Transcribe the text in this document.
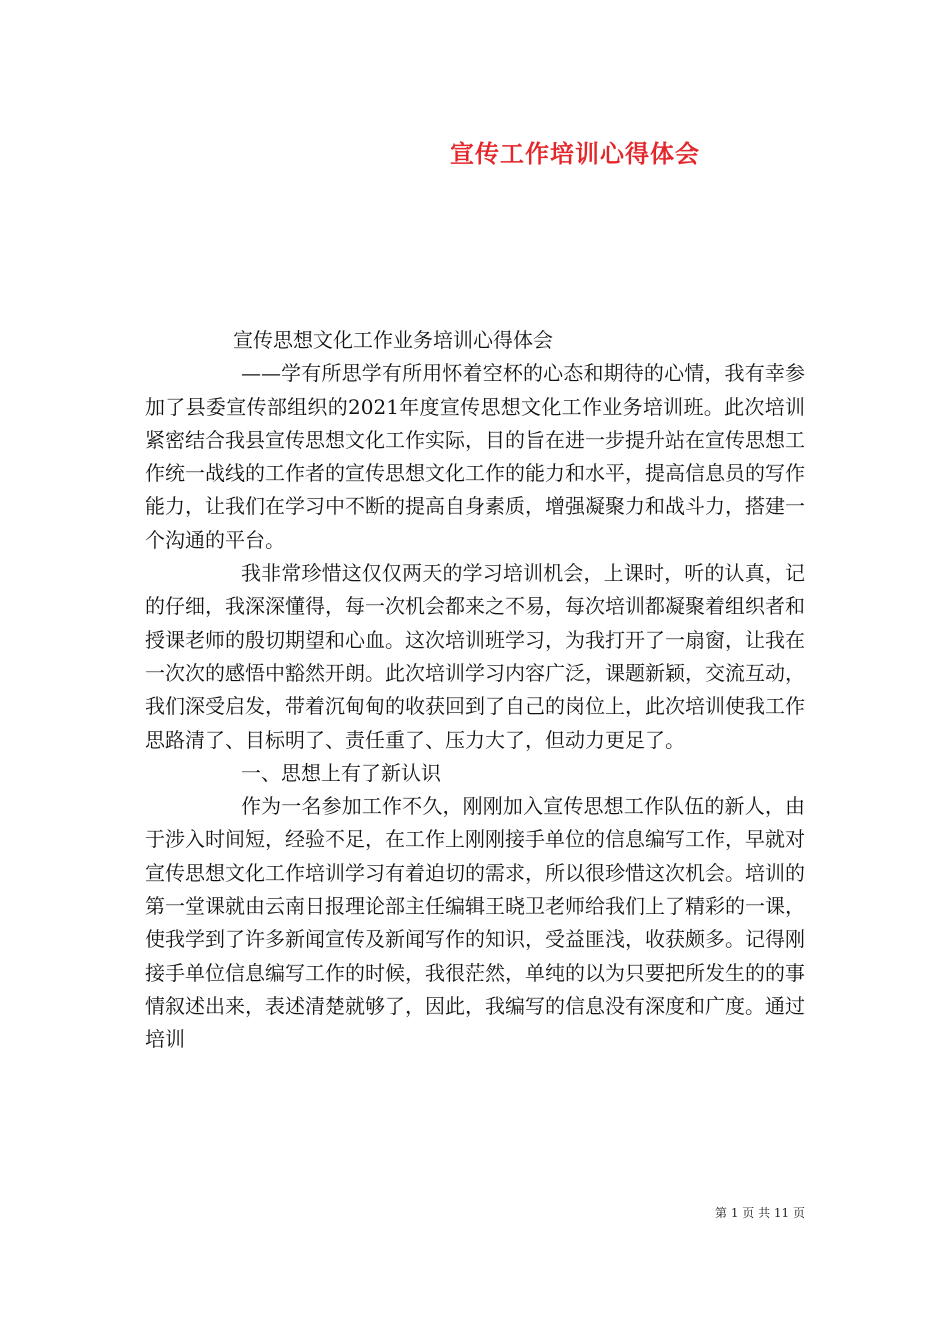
宣传工作培训心得体会

宣传思想文化工作业务培训心得体会

——学有所思学有所用怀着空杯的心态和期待的心情，我有幸参加了县委宣传部组织的2021年度宣传思想文化工作业务培训班。此次培训紧密结合我县宣传思想文化工作实际，目的旨在进一步提升站在宣传思想工作统一战线的工作者的宣传思想文化工作的能力和水平，提高信息员的写作能力，让我们在学习中不断的提高自身素质，增强凝聚力和战斗力，搭建一个沟通的平台。

我非常珍惜这仅仅两天的学习培训机会，上课时，听的认真，记的仔细，我深深懂得，每一次机会都来之不易，每次培训都凝聚着组织者和授课老师的殷切期望和心血。这次培训班学习，为我打开了一扇窗，让我在一次次的感悟中豁然开朗。此次培训学习内容广泛，课题新颖，交流互动，我们深受启发，带着沉甸甸的收获回到了自己的岗位上，此次培训使我工作思路清了、目标明了、责任重了、压力大了，但动力更足了。

一、思想上有了新认识

作为一名参加工作不久，刚刚加入宣传思想工作队伍的新人，由于涉入时间短，经验不足，在工作上刚刚接手单位的信息编写工作，早就对宣传思想文化工作培训学习有着迫切的需求，所以很珍惜这次机会。培训的第一堂课就由云南日报理论部主任编辑王晓卫老师给我们上了精彩的一课，使我学到了许多新闻宣传及新闻写作的知识，受益匪浅，收获颇多。记得刚接手单位信息编写工作的时候，我很茫然，单纯的以为只要把所发生的的事情叙述出来，表述清楚就够了，因此，我编写的信息没有深度和广度。通过培训

第 1 页 共 11 页
